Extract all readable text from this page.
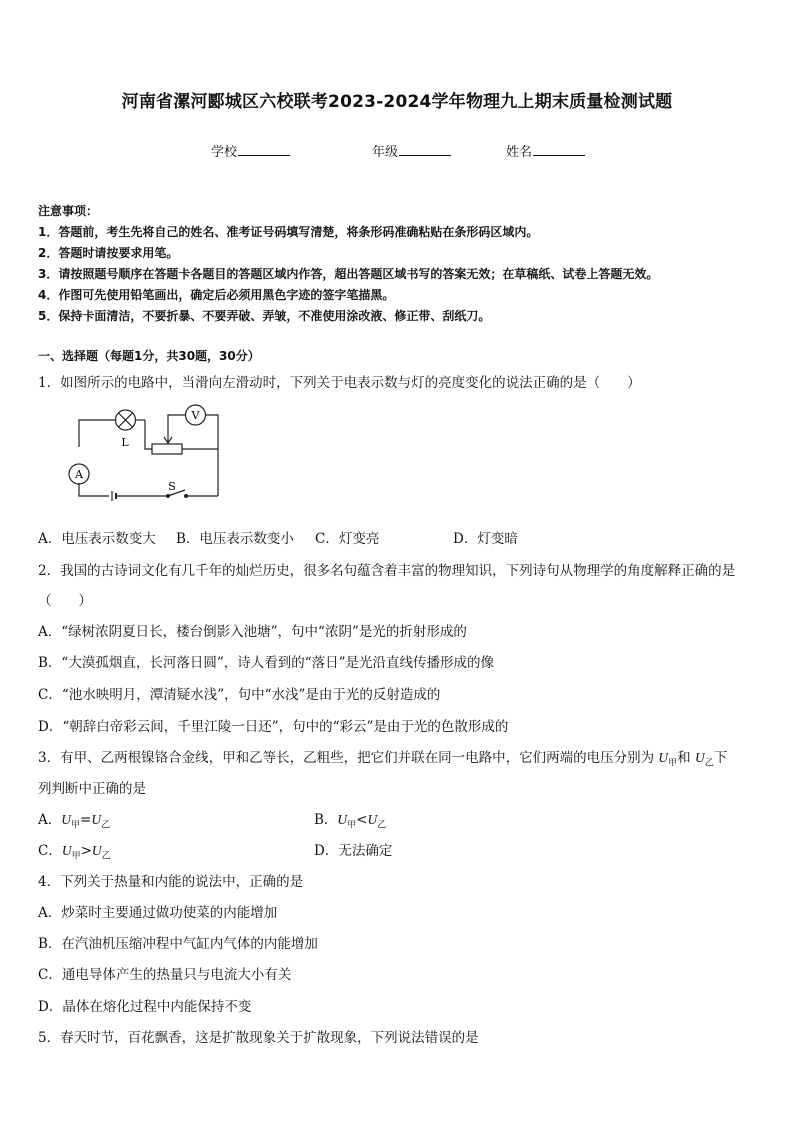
河南省漯河郾城区六校联考2023-2024学年物理九上期末质量检测试题
学校	年级	姓名
注意事项：
1．答题前，考生先将自己的姓名、准考证号码填写清楚，将条形码准确粘贴在条形码区域内。
2．答题时请按要求用笔。
3．请按照题号顺序在答题卡各题目的答题区域内作答，超出答题区域书写的答案无效；在草稿纸、试卷上答题无效。
4．作图可先使用铅笔画出，确定后必须用黑色字迹的签字笔描黑。
5．保持卡面清洁，不要折暴、不要弄破、弄皱，不准使用涂改液、修正带、刮纸刀。
一、选择题（每题1分，共30题，30分）
1．如图所示的电路中，当滑向左滑动时，下列关于电表示数与灯的亮度变化的说法正确的是（　　）
V
A
L
S
A．电压表示数变大 B．电压表示数变小 C．灯变亮	D．灯变暗
2．我国的古诗词文化有几千年的灿烂历史，很多名句蕴含着丰富的物理知识，下列诗句从物理学的角度解释正确的是
（　　）
A．“绿树浓阴夏日长，楼台倒影入池塘”，句中“浓阴”是光的折射形成的
B．“大漠孤烟直，长河落日圆”，诗人看到的“落日”是光沿直线传播形成的像
C．“池水映明月，潭清疑水浅”，句中“水浅”是由于光的反射造成的
D．“朝辞白帝彩云间，千里江陵一日还”，句中的“彩云”是由于光的色散形成的
3．有甲、乙两根镍铬合金线，甲和乙等长，乙粗些，把它们并联在同一电路中，它们两端的电压分别为 $U_甲$和 $U_乙$下
列判断中正确的是
A．$U_甲=U_乙$	B．$U_甲<U_乙$
C．$U_甲>U_乙$	D．无法确定
4．下列关于热量和内能的说法中，正确的是
A．炒菜时主要通过做功使菜的内能增加
B．在汽油机压缩冲程中气缸内气体的内能增加
C．通电导体产生的热量只与电流大小有关
D．晶体在熔化过程中内能保持不变
5．春天时节，百花飘香，这是扩散现象关于扩散现象，下列说法错误的是
